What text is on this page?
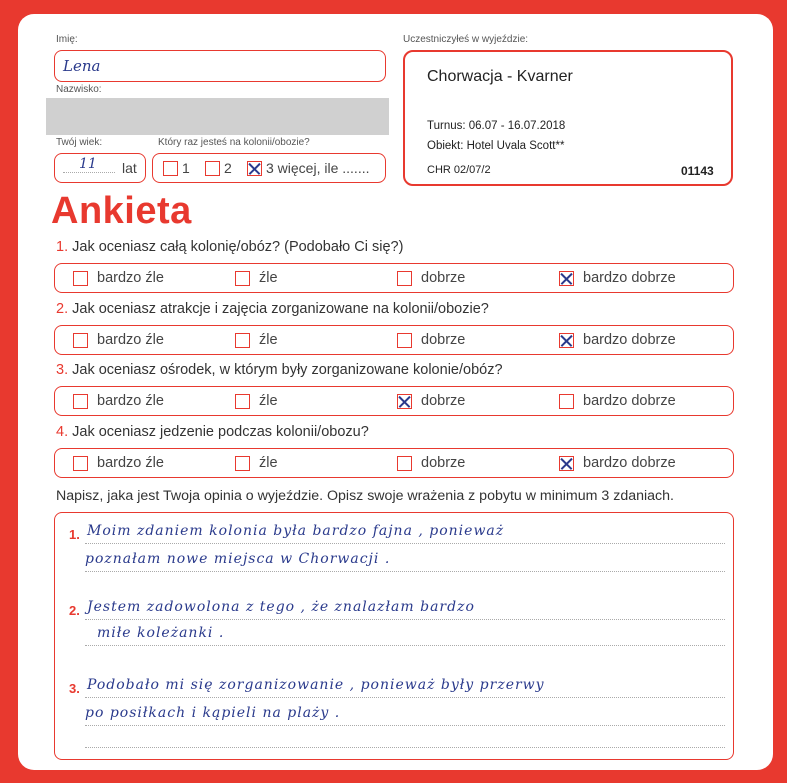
Imię:
Lena
Nazwisko:
Twój wiek:
11 lat
Który raz jesteś na kolonii/obozie?
1 2 3 więcej, ile .......
Uczestniczyłeś w wyjeździe:
Chorwacja - Kvarner
Turnus: 06.07 - 16.07.2018
Obiekt: Hotel Uvala Scott**
CHR 02/07/2	01143
Ankieta
1. Jak oceniasz całą kolonię/obóz? (Podobało Ci się?)
bardzo źle	źle	dobrze	bardzo dobrze
2. Jak oceniasz atrakcje i zajęcia zorganizowane na kolonii/obozie?
bardzo źle	źle	dobrze	bardzo dobrze
3. Jak oceniasz ośrodek, w którym były zorganizowane kolonie/obóz?
bardzo źle	źle	dobrze	bardzo dobrze
4. Jak oceniasz jedzenie podczas kolonii/obozu?
bardzo źle	źle	dobrze	bardzo dobrze
Napisz, jaka jest Twoja opinia o wyjeździe. Opisz swoje wrażenia z pobytu w minimum 3 zdaniach.
1. Moim zdaniem kolonia była bardzo fajna , ponieważ
poznałam nowe miejsca w Chorwacji .
2. Jestem zadowolona z tego , że znalazłam bardzo
miłe koleżanki .
3. Podobało mi się zorganizowanie , ponieważ były przerwy
po posiłkach i kąpieli na plaży .
